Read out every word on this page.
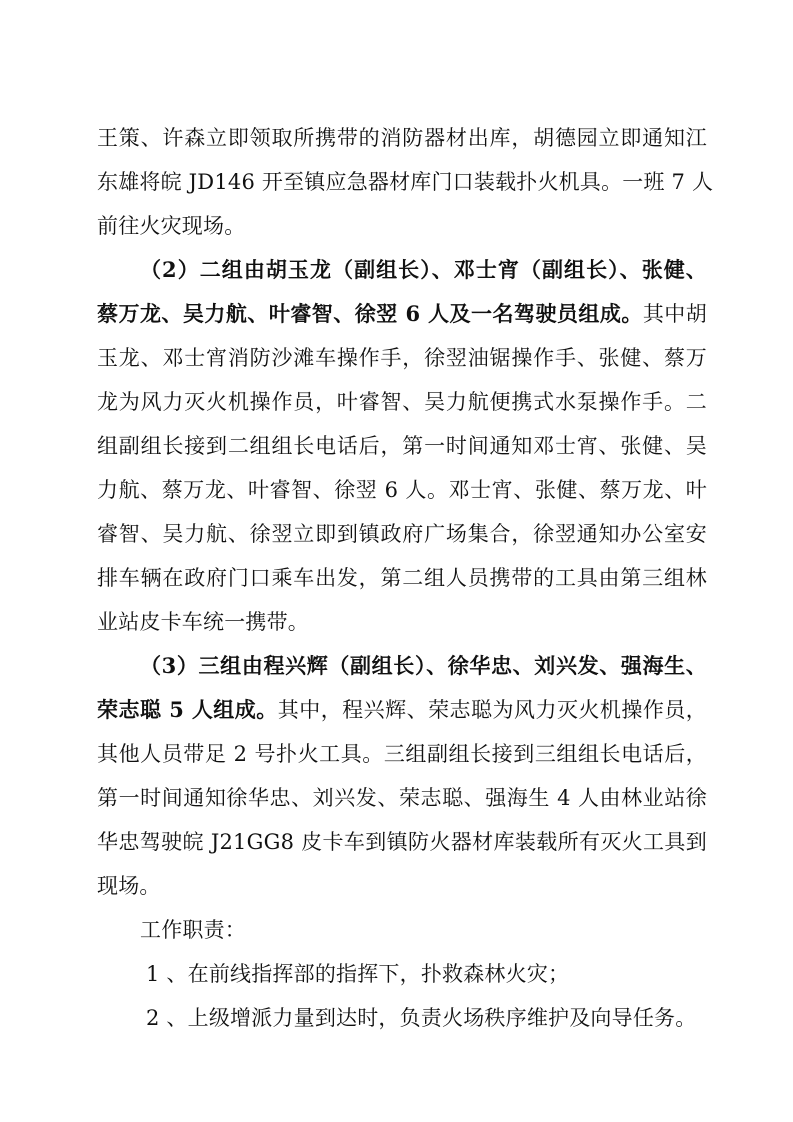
王策、许森立即领取所携带的消防器材出库，胡德园立即通知江
东雄将皖 JD146 开至镇应急器材库门口装载扑火机具。一班 7 人
前往火灾现场。
（2）二组由胡玉龙（副组长）、邓士宵（副组长）、张健、
蔡万龙、吴力航、叶睿智、徐翌 6 人及一名驾驶员组成。其中胡
玉龙、邓士宵消防沙滩车操作手，徐翌油锯操作手、张健、蔡万
龙为风力灭火机操作员，叶睿智、吴力航便携式水泵操作手。二
组副组长接到二组组长电话后，第一时间通知邓士宵、张健、吴
力航、蔡万龙、叶睿智、徐翌 6 人。邓士宵、张健、蔡万龙、叶
睿智、吴力航、徐翌立即到镇政府广场集合，徐翌通知办公室安
排车辆在政府门口乘车出发，第二组人员携带的工具由第三组林
业站皮卡车统一携带。
（3）三组由程兴辉（副组长）、徐华忠、刘兴发、强海生、
荣志聪 5 人组成。其中，程兴辉、荣志聪为风力灭火机操作员，
其他人员带足 2 号扑火工具。三组副组长接到三组组长电话后，
第一时间通知徐华忠、刘兴发、荣志聪、强海生 4 人由林业站徐
华忠驾驶皖 J21GG8 皮卡车到镇防火器材库装载所有灭火工具到
现场。
工作职责：
1 、在前线指挥部的指挥下，扑救森林火灾；
2 、上级增派力量到达时，负责火场秩序维护及向导任务。
